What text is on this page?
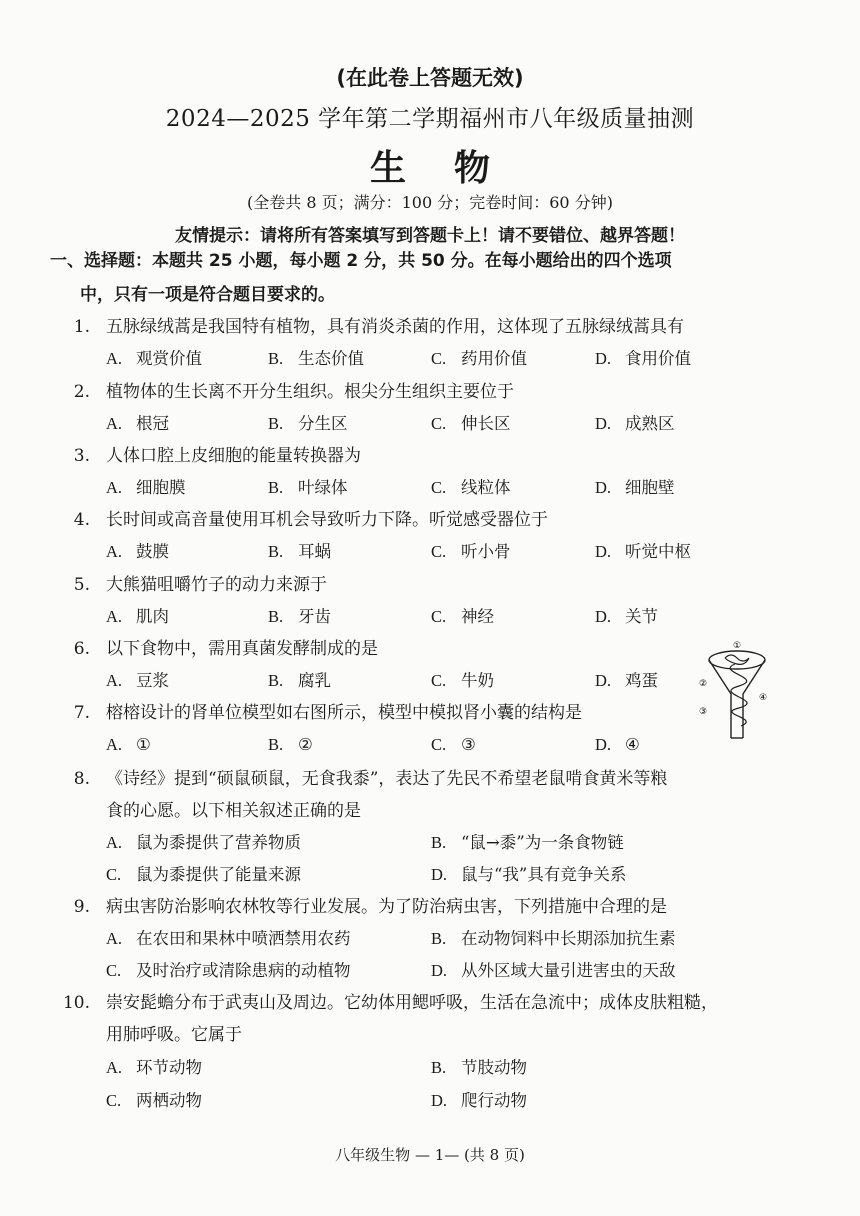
(在此卷上答题无效)
2024—2025 学年第二学期福州市八年级质量抽测
生物
(全卷共 8 页；满分：100 分；完卷时间：60 分钟)
友情提示：请将所有答案填写到答题卡上！请不要错位、越界答题！
一、选择题：本题共 25 小题，每小题 2 分，共 50 分。在每小题给出的四个选项
中，只有一项是符合题目要求的。
1. 五脉绿绒蒿是我国特有植物，具有消炎杀菌的作用，这体现了五脉绿绒蒿具有
A. 观赏价值	B. 生态价值	C. 药用价值	D. 食用价值
2. 植物体的生长离不开分生组织。根尖分生组织主要位于
A. 根冠	B. 分生区	C. 伸长区	D. 成熟区
3. 人体口腔上皮细胞的能量转换器为
A. 细胞膜	B. 叶绿体	C. 线粒体	D. 细胞壁
4. 长时间或高音量使用耳机会导致听力下降。听觉感受器位于
A. 鼓膜	B. 耳蜗	C. 听小骨	D. 听觉中枢
5. 大熊猫咀嚼竹子的动力来源于
A. 肌肉	B. 牙齿	C. 神经	D. 关节
6. 以下食物中，需用真菌发酵制成的是
A. 豆浆	B. 腐乳	C. 牛奶	D. 鸡蛋
7. 榕榕设计的肾单位模型如右图所示，模型中模拟肾小囊的结构是
A. ①	B. ②	C. ③	D. ④
①
②
③
④
8. 《诗经》提到“硕鼠硕鼠，无食我黍”，表达了先民不希望老鼠啃食黄米等粮
食的心愿。以下相关叙述正确的是
A. 鼠为黍提供了营养物质	B. “鼠→黍”为一条食物链
C. 鼠为黍提供了能量来源	D. 鼠与“我”具有竞争关系
9. 病虫害防治影响农林牧等行业发展。为了防治病虫害，下列措施中合理的是
A. 在农田和果林中喷洒禁用农药	B. 在动物饲料中长期添加抗生素
C. 及时治疗或清除患病的动植物	D. 从外区域大量引进害虫的天敌
10. 崇安髭蟾分布于武夷山及周边。它幼体用鳃呼吸，生活在急流中；成体皮肤粗糙，
用肺呼吸。它属于
A. 环节动物	B. 节肢动物
C. 两栖动物	D. 爬行动物
八年级生物 — 1— (共 8 页)
